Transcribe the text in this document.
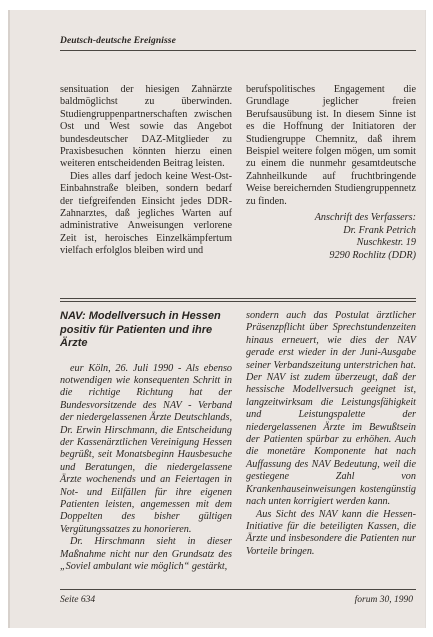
Deutsch-deutsche Ereignisse

sensituation der hiesigen Zahnärzte baldmöglichst zu überwinden. Studiengruppenpartnerschaften zwischen Ost und West sowie das Angebot bundesdeutscher DAZ-Mitglieder zu Praxisbesuchen könnten hierzu einen weiteren entscheidenden Beitrag leisten.

Dies alles darf jedoch keine West-Ost-Einbahnstraße bleiben, sondern bedarf der tiefgreifenden Einsicht jedes DDR-Zahnarztes, daß jegliches Warten auf administrative Anweisungen verlorene Zeit ist, heroisches Einzelkämpfertum vielfach erfolglos bleiben wird und

berufspolitisches Engagement die Grundlage jeglicher freien Berufsausübung ist. In diesem Sinne ist es die Hoffnung der Initiatoren der Studiengruppe Chemnitz, daß ihrem Beispiel weitere folgen mögen, um somit zu einem die nunmehr gesamtdeutsche Zahnheilkunde auf fruchtbringende Weise bereichernden Studiengruppennetz zu finden.

Anschrift des Verfassers:
Dr. Frank Petrich
Nuschkestr. 19
9290 Rochlitz (DDR)
NAV: Modellversuch in Hessen positiv für Patienten und ihre Ärzte

eur Köln, 26. Juli 1990 - Als ebenso notwendigen wie konsequenten Schritt in die richtige Richtung hat der Bundesvorsitzende des NAV - Verband der niedergelassenen Ärzte Deutschlands, Dr. Erwin Hirschmann, die Entscheidung der Kassenärztlichen Vereinigung Hessen begrüßt, seit Monatsbeginn Hausbesuche und Beratungen, die niedergelassene Ärzte wochenends und an Feiertagen in Not- und Eilfällen für ihre eigenen Patienten leisten, angemessen mit dem Doppelten des bisher gültigen Vergütungssatzes zu honorieren.

Dr. Hirschmann sieht in dieser Maßnahme nicht nur den Grundsatz des „Soviel ambulant wie möglich“ gestärkt,

sondern auch das Postulat ärztlicher Präsenzpflicht über Sprechstundenzeiten hinaus erneuert, wie dies der NAV gerade erst wieder in der Juni-Ausgabe seiner Verbandszeitung unterstrichen hat. Der NAV ist zudem überzeugt, daß der hessische Modellversuch geeignet ist, langzeitwirksam die Leistungsfähigkeit und Leistungspalette der niedergelassenen Ärzte im Bewußtsein der Patienten spürbar zu erhöhen. Auch die monetäre Komponente hat nach Auffassung des NAV Bedeutung, weil die gestiegene Zahl von Krankenhauseinweisungen kostengünstig nach unten korrigiert werden kann.

Aus Sicht des NAV kann die Hessen-Initiative für die beteiligten Kassen, die Ärzte und insbesondere die Patienten nur Vorteile bringen.

Seite 634	forum 30, 1990
